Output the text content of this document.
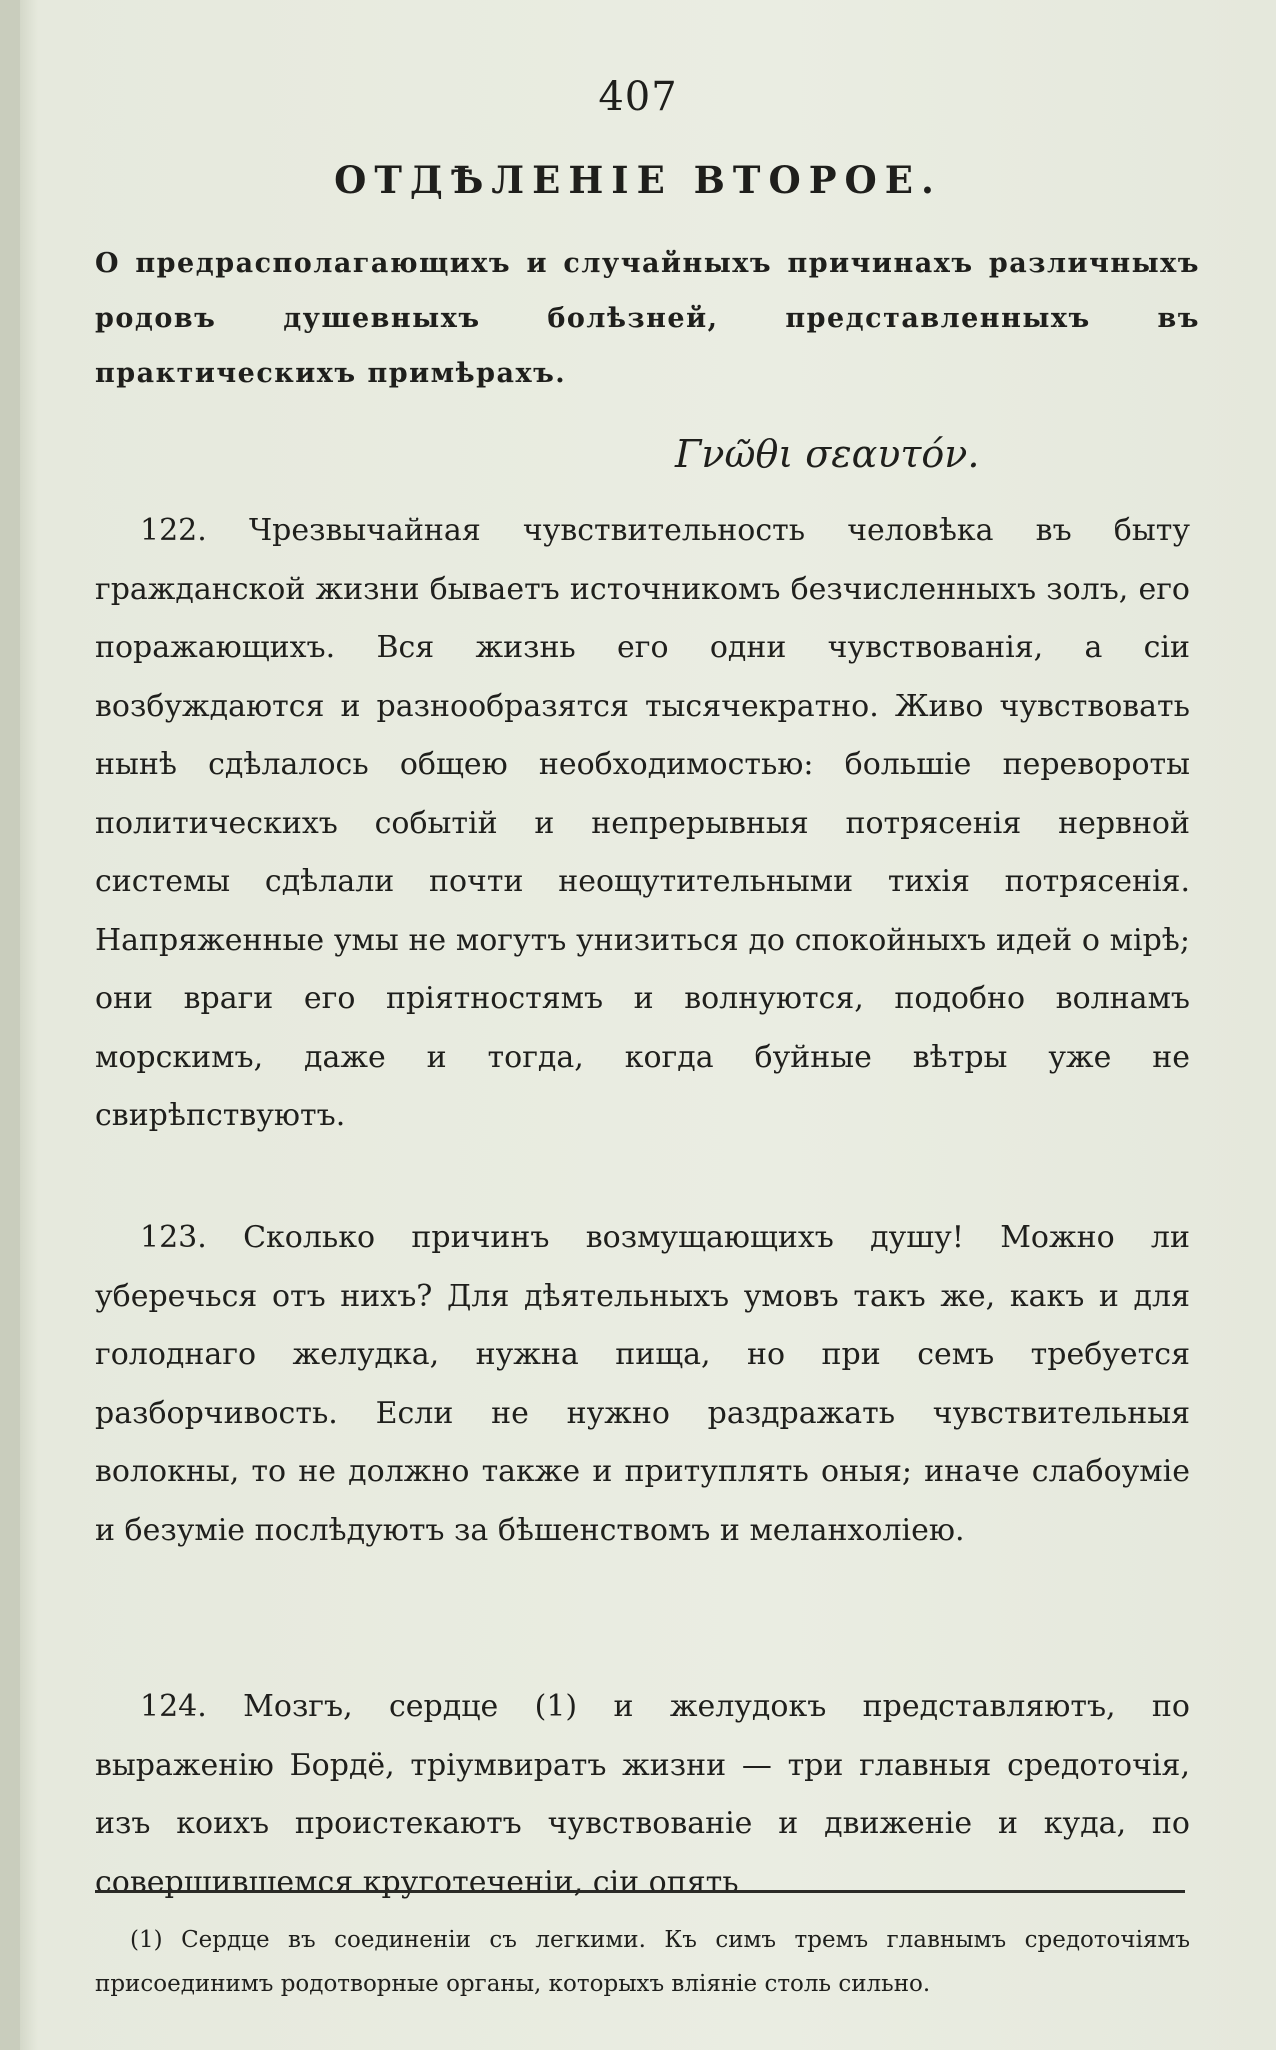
407
ОТДѢЛЕНІЕ ВТОРОЕ.
О предрасполагающихъ и случайныхъ причинахъ различныхъ родовъ душевныхъ болѣзней, представленныхъ въ практическихъ примѣрахъ.
Γνῶθι σεαυτόν.

122. Чрезвычайная чувствительность человѣка въ быту гражданской жизни бываетъ источникомъ безчисленныхъ золъ, его поражающихъ. Вся жизнь его одни чувствованія, а сіи возбуждаются и разнообразятся тысячекратно. Живо чувствовать нынѣ сдѣлалось общею необходимостью: большіе перевороты политическихъ событій и непрерывныя потрясенія нервной системы сдѣлали почти неощутительными тихія потрясенія. Напряженные умы не могутъ унизиться до спокойныхъ идей о мірѣ; они враги его пріятностямъ и волнуются, подобно волнамъ морскимъ, даже и тогда, когда буйные вѣтры уже не свирѣпствуютъ.

123. Сколько причинъ возмущающихъ душу! Можно ли уберечься отъ нихъ? Для дѣятельныхъ умовъ такъ же, какъ и для голоднаго желудка, нужна пища, но при семъ требуется разборчивость. Если не нужно раздражать чувствительныя волокны, то не должно также и притуплять оныя; иначе слабоуміе и безуміе послѣдуютъ за бѣшенствомъ и меланхоліею.

124. Мозгъ, сердце (1) и желудокъ представляютъ, по выраженію Бордё, тріумвиратъ жизни — три главныя средоточія, изъ коихъ проистекаютъ чувствованіе и движеніе и куда, по совершившемся круготеченіи, сіи опять

(1) Сердце въ соединеніи съ легкими. Къ симъ тремъ главнымъ средоточіямъ присоединимъ родотворные органы, которыхъ вліяніе столь сильно.
